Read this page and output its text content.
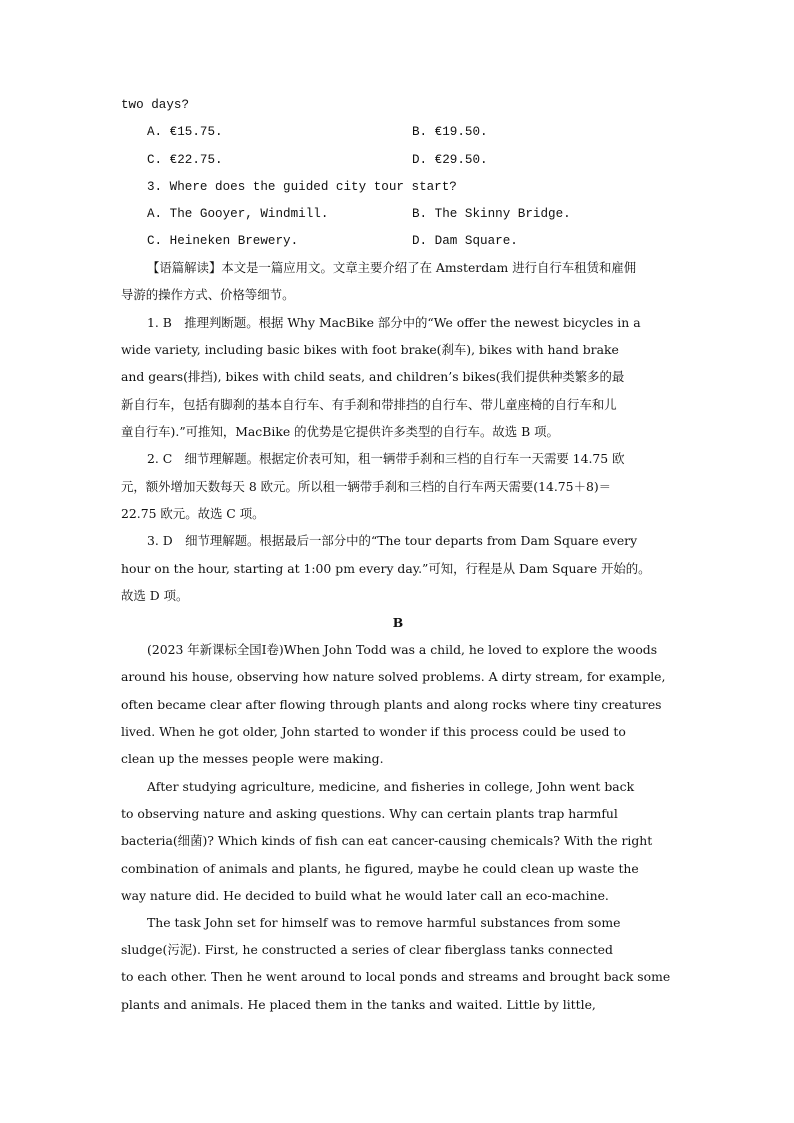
two days?
A. €15.75.	B. €19.50.
C. €22.75.	D. €29.50.
3. Where does the guided city tour start?
A. The Gooyer, Windmill.	B. The Skinny Bridge.
C. Heineken Brewery.	D. Dam Square.
【语篇解读】本文是一篇应用文。文章主要介绍了在 Amsterdam 进行自行车租赁和雇佣
导游的操作方式、价格等细节。
1. B　推理判断题。根据 Why MacBike 部分中的“We offer the newest bicycles in a
wide variety, including basic bikes with foot brake(刹车), bikes with hand brake
and gears(排挡), bikes with child seats, and children’s bikes(我们提供种类繁多的最
新自行车，包括有脚刹的基本自行车、有手刹和带排挡的自行车、带儿童座椅的自行车和儿
童自行车).”可推知，MacBike 的优势是它提供许多类型的自行车。故选 B 项。
2. C　细节理解题。根据定价表可知，租一辆带手刹和三档的自行车一天需要 14.75 欧
元，额外增加天数每天 8 欧元。所以租一辆带手刹和三档的自行车两天需要(14.75＋8)＝
22.75 欧元。故选 C 项。
3. D　细节理解题。根据最后一部分中的“The tour departs from Dam Square every
hour on the hour, starting at 1:00 pm every day.”可知，行程是从 Dam Square 开始的。
故选 D 项。
B
(2023 年新课标全国Ⅰ卷)When John Todd was a child, he loved to explore the woods
around his house, observing how nature solved problems. A dirty stream, for example,
often became clear after flowing through plants and along rocks where tiny creatures
lived. When he got older, John started to wonder if this process could be used to
clean up the messes people were making.
After studying agriculture, medicine, and fisheries in college, John went back
to observing nature and asking questions. Why can certain plants trap harmful
bacteria(细菌)? Which kinds of fish can eat cancer-causing chemicals? With the right
combination of animals and plants, he figured, maybe he could clean up waste the
way nature did. He decided to build what he would later call an eco-machine.
The task John set for himself was to remove harmful substances from some
sludge(污泥). First, he constructed a series of clear fiberglass tanks connected
to each other. Then he went around to local ponds and streams and brought back some
plants and animals. He placed them in the tanks and waited. Little by little,
